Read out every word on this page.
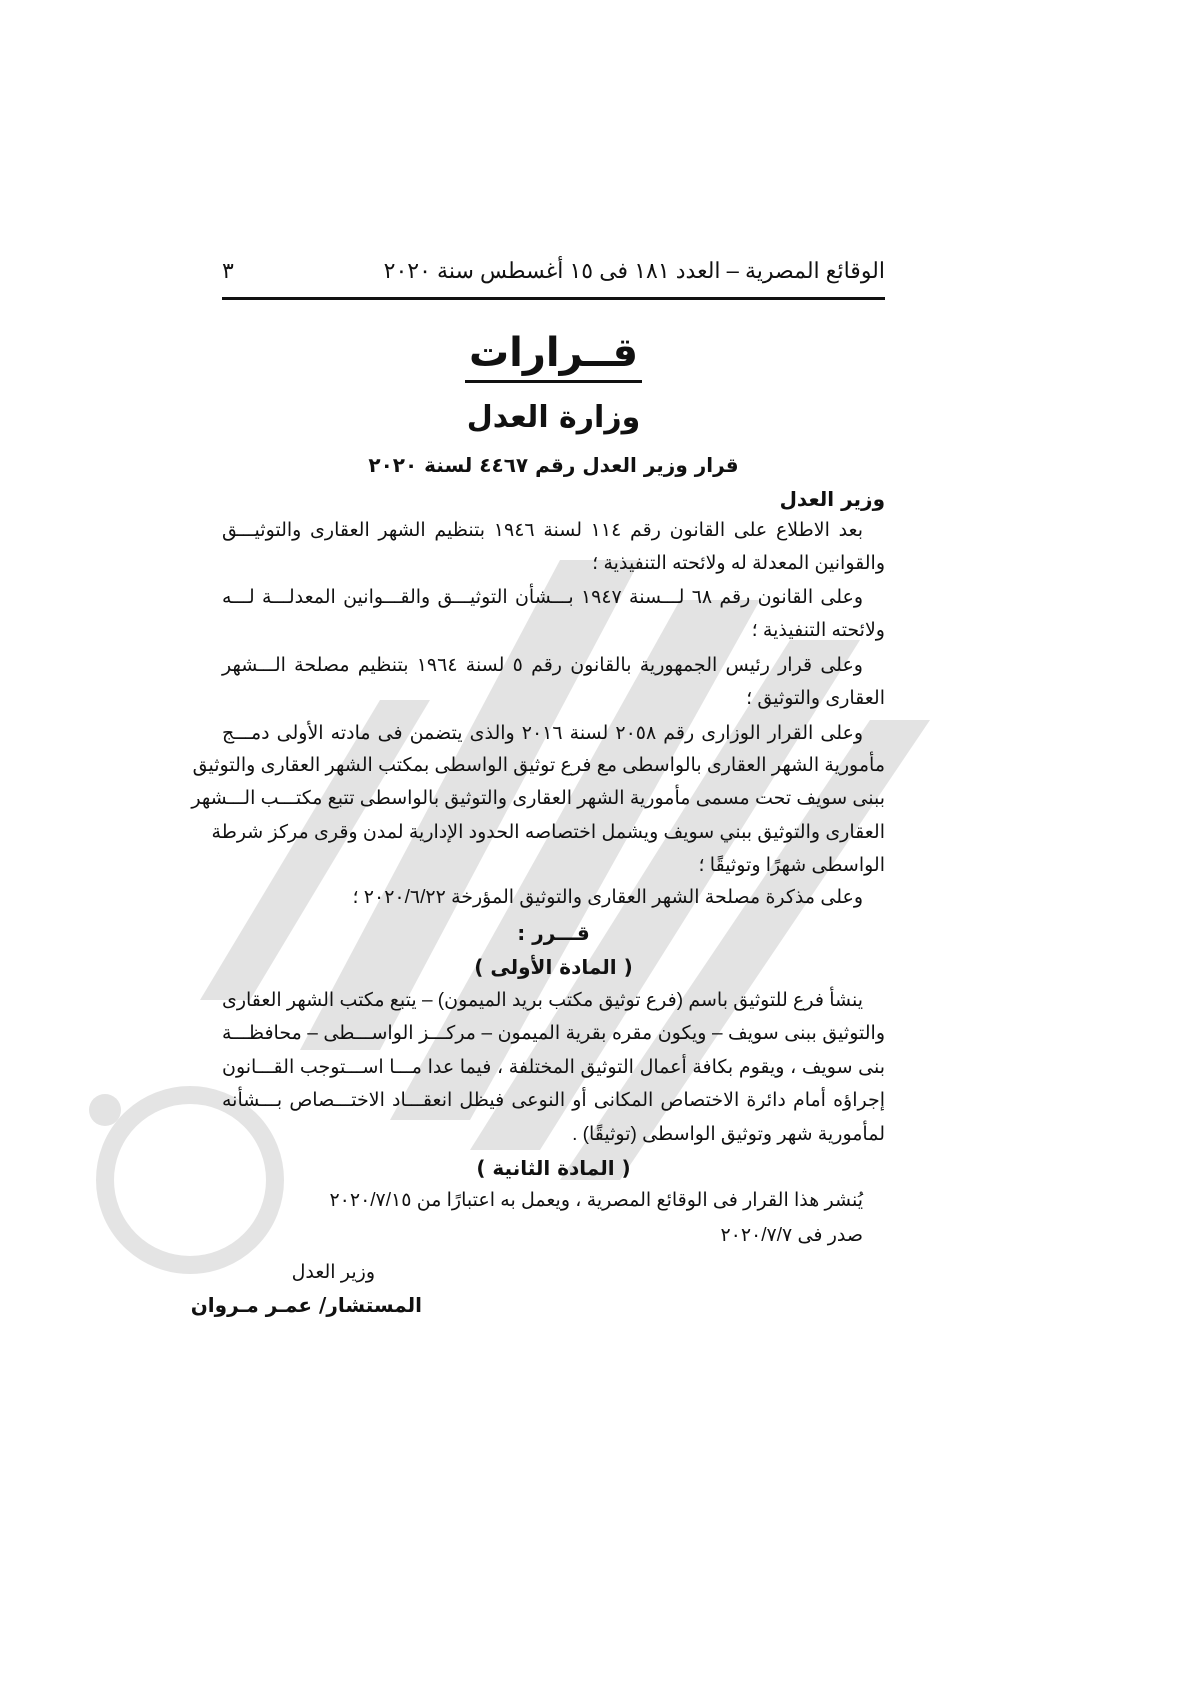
الوقائع المصرية – العدد ١٨١ فى ١٥ أغسطس سنة ٢٠٢٠
٣
قــرارات
وزارة العدل
قرار وزير العدل رقم ٤٤٦٧ لسنة ٢٠٢٠
وزير العدل
بعد الاطلاع على القانون رقم ١١٤ لسنة ١٩٤٦ بتنظيم الشهر العقارى والتوثيـــق
والقوانين المعدلة له ولائحته التنفيذية ؛
وعلى القانون رقم ٦٨ لـــسنة ١٩٤٧ بـــشأن التوثيـــق والقـــوانين المعدلـــة لـــه
ولائحته التنفيذية ؛
وعلى قرار رئيس الجمهورية بالقانون رقم ٥ لسنة ١٩٦٤ بتنظيم مصلحة الـــشهر
العقارى والتوثيق ؛
وعلى القرار الوزارى رقم ٢٠٥٨ لسنة ٢٠١٦ والذى يتضمن فى مادته الأولى دمـــج
مأمورية الشهر العقارى بالواسطى مع فرع توثيق الواسطى بمكتب الشهر العقارى والتوثيق
ببنى سويف تحت مسمى مأمورية الشهر العقارى والتوثيق بالواسطى تتبع مكتـــب الـــشهر
العقارى والتوثيق ببني سويف ويشمل اختصاصه الحدود الإدارية لمدن وقرى مركز شرطة
الواسطى شهرًا وتوثيقًا ؛
وعلى مذكرة مصلحة الشهر العقارى والتوثيق المؤرخة ٢٠٢٠/٦/٢٢ ؛
قـــرر :
( المادة الأولى )
ينشأ فرع للتوثيق باسم (فرع توثيق مكتب بريد الميمون) – يتبع مكتب الشهر العقارى
والتوثيق ببنى سويف – ويكون مقره بقرية الميمون – مركـــز الواســـطى – محافظـــة
بنى سويف ، ويقوم بكافة أعمال التوثيق المختلفة ، فيما عدا مـــا اســـتوجب القـــانون
إجراؤه أمام دائرة الاختصاص المكانى أو النوعى فيظل انعقـــاد الاختـــصاص بـــشأنه
لمأمورية شهر وتوثيق الواسطى (توثيقًا) .
( المادة الثانية )
يُنشر هذا القرار فى الوقائع المصرية ، ويعمل به اعتبارًا من ٢٠٢٠/٧/١٥
صدر فى ٢٠٢٠/٧/٧
وزير العدل
المستشار/ عمـر مـروان
